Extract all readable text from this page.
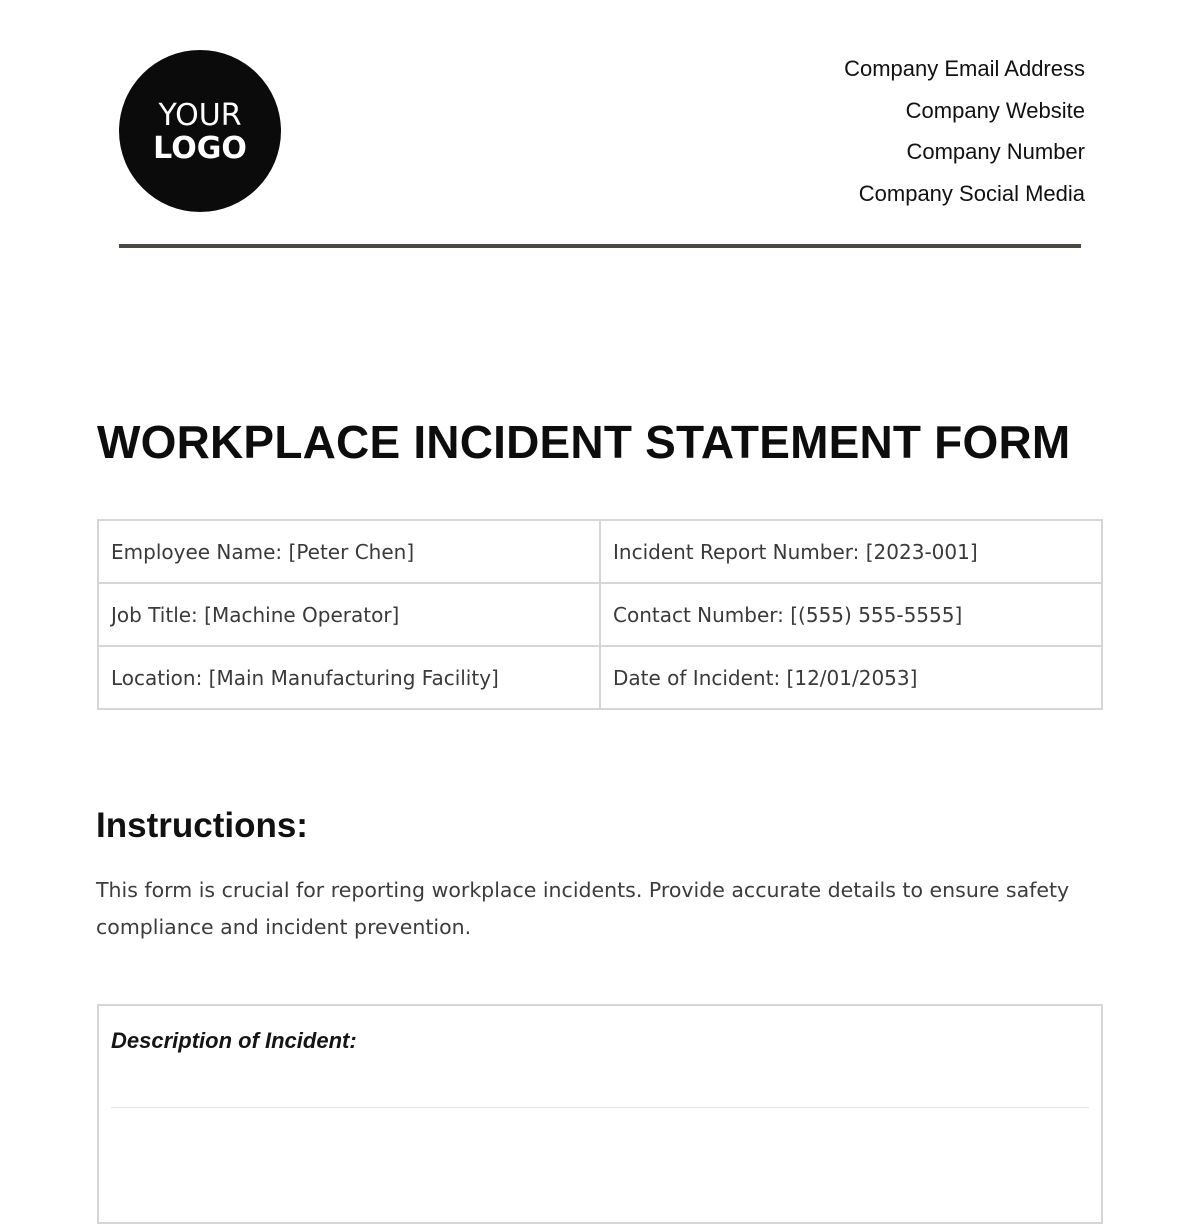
YOUR
LOGO
Company Email Address
Company Website
Company Number
Company Social Media
WORKPLACE INCIDENT STATEMENT FORM
Employee Name: [Peter Chen]	Incident Report Number: [2023-001]
Job Title: [Machine Operator]	Contact Number: [(555) 555-5555]
Location: [Main Manufacturing Facility]	Date of Incident: [12/01/2053]
Instructions:
This form is crucial for reporting workplace incidents. Provide accurate details to ensure safety compliance and incident prevention.
Description of Incident:
